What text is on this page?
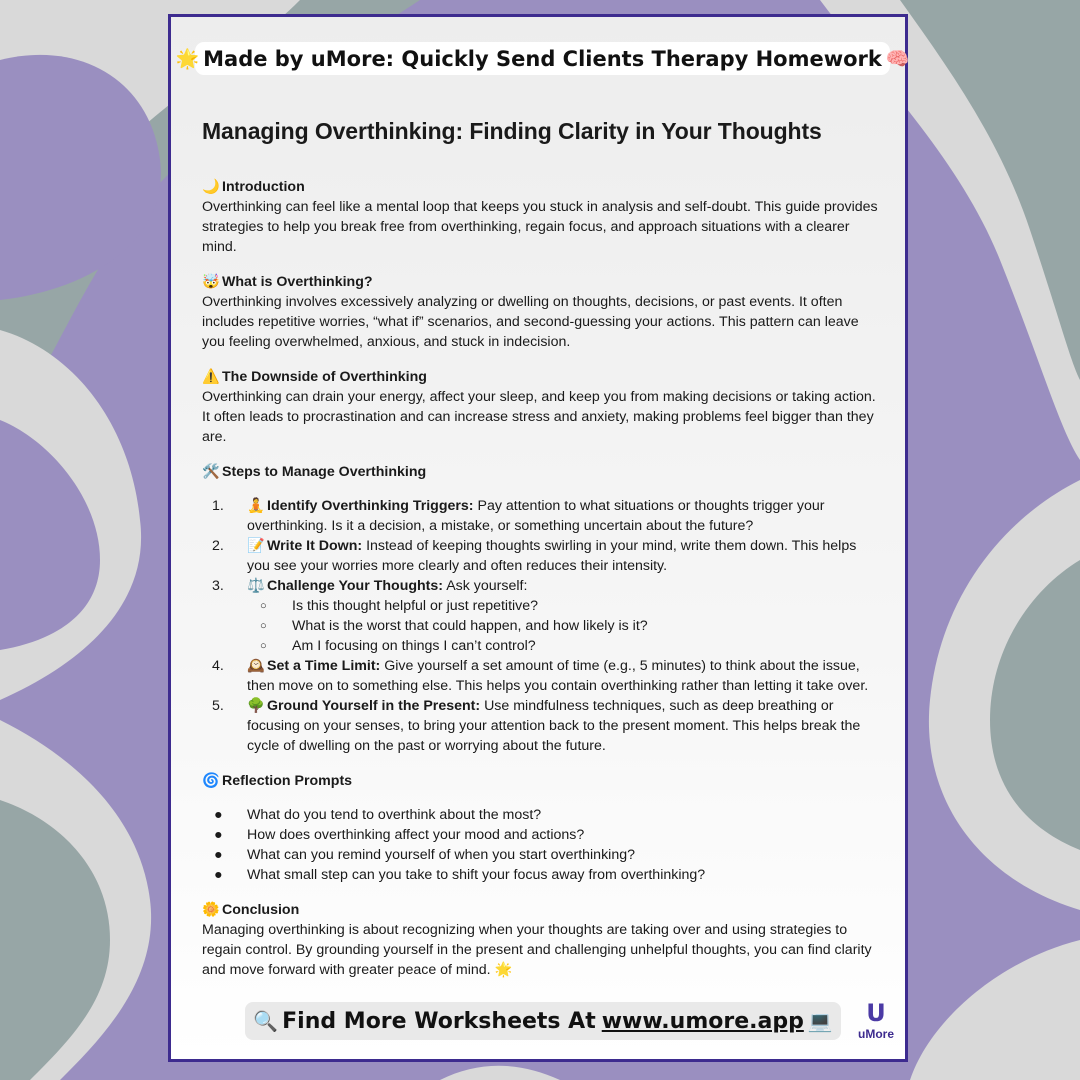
🌟 Made by uMore: Quickly Send Clients Therapy Homework 🧠
Managing Overthinking: Finding Clarity in Your Thoughts
🌙 Introduction
Overthinking can feel like a mental loop that keeps you stuck in analysis and self-doubt. This guide provides strategies to help you break free from overthinking, regain focus, and approach situations with a clearer mind.
🤯 What is Overthinking?
Overthinking involves excessively analyzing or dwelling on thoughts, decisions, or past events. It often includes repetitive worries, “what if” scenarios, and second-guessing your actions. This pattern can leave you feeling overwhelmed, anxious, and stuck in indecision.
⚠️ The Downside of Overthinking
Overthinking can drain your energy, affect your sleep, and keep you from making decisions or taking action. It often leads to procrastination and can increase stress and anxiety, making problems feel bigger than they are.
🛠️ Steps to Manage Overthinking
1. 🧘 Identify Overthinking Triggers: Pay attention to what situations or thoughts trigger your overthinking. Is it a decision, a mistake, or something uncertain about the future?
2. 📝 Write It Down: Instead of keeping thoughts swirling in your mind, write them down. This helps you see your worries more clearly and often reduces their intensity.
3. ⚖️ Challenge Your Thoughts: Ask yourself:
○ Is this thought helpful or just repetitive?
○ What is the worst that could happen, and how likely is it?
○ Am I focusing on things I can’t control?
4. 🕰️ Set a Time Limit: Give yourself a set amount of time (e.g., 5 minutes) to think about the issue, then move on to something else. This helps you contain overthinking rather than letting it take over.
5. 🌳 Ground Yourself in the Present: Use mindfulness techniques, such as deep breathing or focusing on your senses, to bring your attention back to the present moment. This helps break the cycle of dwelling on the past or worrying about the future.
🌀 Reflection Prompts
● What do you tend to overthink about the most?
● How does overthinking affect your mood and actions?
● What can you remind yourself of when you start overthinking?
● What small step can you take to shift your focus away from overthinking?
🌼 Conclusion
Managing overthinking is about recognizing when your thoughts are taking over and using strategies to regain control. By grounding yourself in the present and challenging unhelpful thoughts, you can find clarity and move forward with greater peace of mind. 🌟
🔍 Find More Worksheets At www.umore.app 💻	U
uMore
